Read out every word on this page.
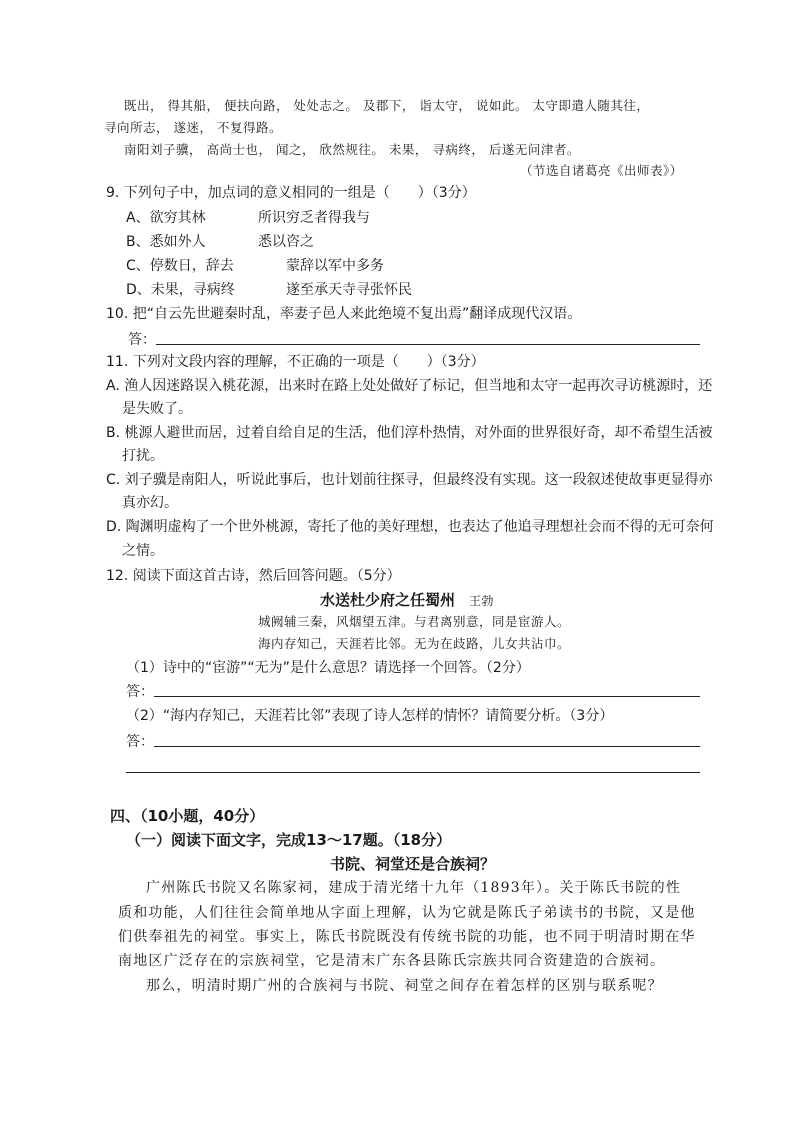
既出， 得其船， 便扶向路， 处处志之。 及郡下， 诣太守， 说如此。 太守即遣人随其往，
寻向所志， 遂迷， 不复得路。
南阳刘子骥， 高尚士也， 闻之， 欣然规往。 未果， 寻病终， 后遂无问津者。
（节选自诸葛亮《出师表》）
9. 下列句子中，加点词的意义相同的一组是（　　）（3分）
A、欲穷其林	所识穷乏者得我与
B、悉如外人	悉以咨之
C、停数日，辞去	蒙辞以军中多务
D、未果，寻病终	遂至承天寺寻张怀民
10. 把“自云先世避秦时乱，率妻子邑人来此绝境不复出焉”翻译成现代汉语。
答：
11. 下列对文段内容的理解，不正确的一项是（　　）（3分）
A. 渔人因迷路误入桃花源，出来时在路上处处做好了标记，但当地和太守一起再次寻访桃源时，还
是失败了。
B. 桃源人避世而居，过着自给自足的生活，他们淳朴热情，对外面的世界很好奇，却不希望生活被
打扰。
C. 刘子骥是南阳人，听说此事后，也计划前往探寻，但最终没有实现。这一段叙述使故事更显得亦
真亦幻。
D. 陶渊明虚构了一个世外桃源，寄托了他的美好理想，也表达了他追寻理想社会而不得的无可奈何
之情。
12. 阅读下面这首古诗，然后回答问题。（5分）
水送杜少府之任蜀州 王勃
城阙辅三秦，风烟望五津。与君离别意，同是宦游人。
海内存知己，天涯若比邻。无为在歧路，儿女共沾巾。
（1）诗中的“宦游”“无为”是什么意思？请选择一个回答。（2分）
答：
（2）“海内存知己，天涯若比邻”表现了诗人怎样的情怀？请简要分析。（3分）
答：
四、（10小题，40分）
（一）阅读下面文字，完成13～17题。（18分）
书院、祠堂还是合族祠？
广州陈氏书院又名陈家祠，建成于清光绪十九年（1893年）。关于陈氏书院的性
质和功能，人们往往会简单地从字面上理解，认为它就是陈氏子弟读书的书院，又是他
们供奉祖先的祠堂。事实上，陈氏书院既没有传统书院的功能，也不同于明清时期在华
南地区广泛存在的宗族祠堂，它是清末广东各县陈氏宗族共同合资建造的合族祠。
那么，明清时期广州的合族祠与书院、祠堂之间存在着怎样的区别与联系呢？
